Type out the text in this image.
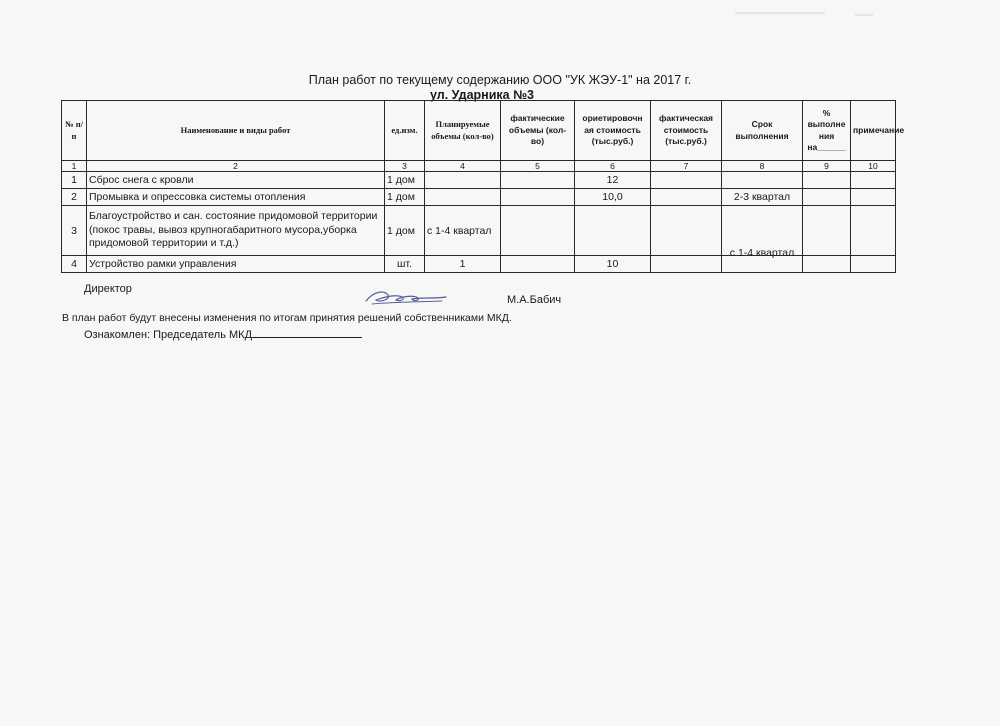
План работ по текущему содержанию ООО "УК ЖЭУ-1" на 2017 г.
ул. Ударника №3
№ п/п	Наименование и виды работ	ед.изм.	Планируемые объемы (кол-во)	фактические объемы (кол-во)	ориетировочн ая стоимость (тыс.руб.)	фактическая стоимость (тыс.руб.)	Срок выполнения	% выполне ния на______	примечание
1	2	3	4	5	6	7	8	9	10
1	Сброс снега с кровли	1 дом			12				
2	Промывка и опрессовка системы отопления	1 дом			10,0		2-3 квартал		
3	Благоустройство и сан. состояние придомовой территории (покос травы, вывоз крупногабаритного мусора,уборка придомовой территории и т.д.)	1 дом	с 1-4 квартал				с 1-4 квартал		
4	Устройство рамки управления	шт.	1		10				
Директор
М.А.Бабич
В план работ будут внесены изменения по итогам принятия решений собственниками МКД.
Ознакомлен: Председатель МКД
